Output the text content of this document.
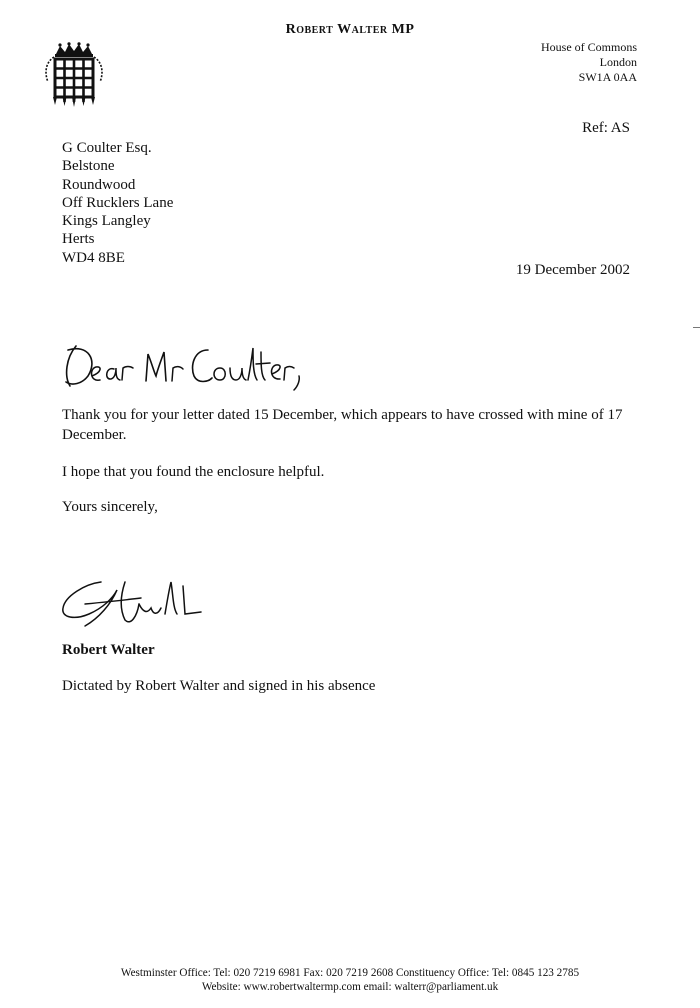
Robert Walter MP
House of Commons
London
SW1A 0AA
Ref: AS
G Coulter Esq.
Belstone
Roundwood
Off Rucklers Lane
Kings Langley
Herts
WD4 8BE
19 December 2002
Thank you for your letter dated 15 December, which appears to have crossed with mine of 17 December.
I hope that you found the enclosure helpful.
Yours sincerely,
Robert Walter
Dictated by Robert Walter and signed in his absence
Westminster Office: Tel: 020 7219 6981 Fax: 020 7219 2608 Constituency Office: Tel: 0845 123 2785
Website: www.robertwaltermp.com email: walterr@parliament.uk
